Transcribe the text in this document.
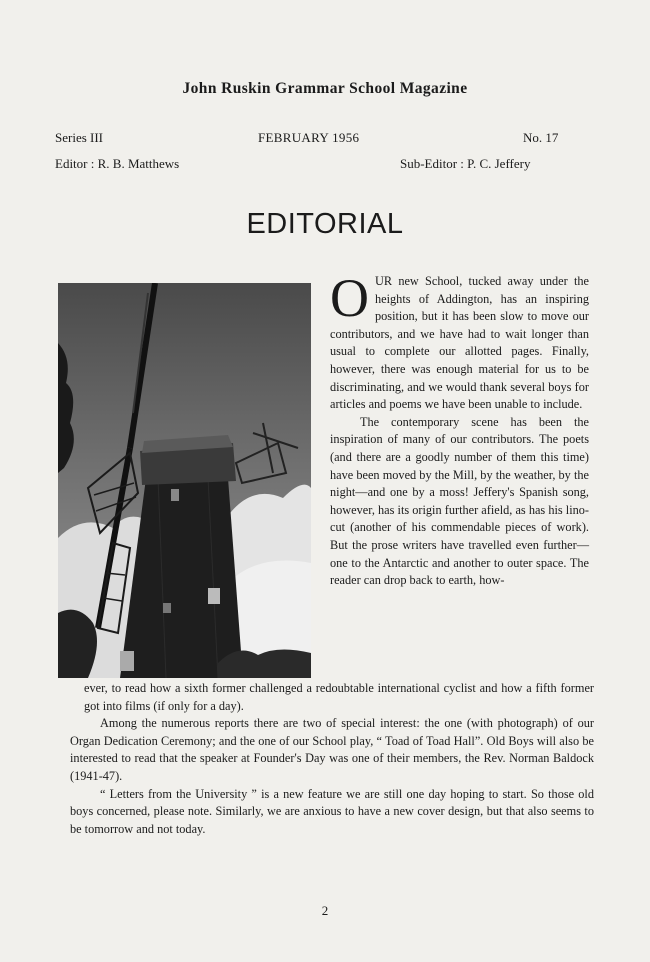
John Ruskin Grammar School Magazine
Series III	FEBRUARY 1956	No. 17
Editor : R. B. Matthews	Sub-Editor : P. C. Jeffery
EDITORIAL

OUR new School, tucked away under the heights of Addington, has an inspiring position, but it has been slow to move our contributors, and we have had to wait longer than usual to complete our allotted pages. Finally, however, there was enough material for us to be discriminating, and we would thank several boys for articles and poems we have been unable to include.

The contemporary scene has been the inspiration of many of our contributors. The poets (and there are a goodly number of them this time) have been moved by the Mill, by the weather, by the night—and one by a moss! Jeffery's Spanish song, however, has its origin further afield, as has his lino-cut (another of his commendable pieces of work). But the prose writers have travelled even further—one to the Antarctic and another to outer space. The reader can drop back to earth, how-

ever, to read how a sixth former challenged a redoubtable international cyclist and how a fifth former got into films (if only for a day).

Among the numerous reports there are two of special interest: the one (with photograph) of our Organ Dedication Ceremony; and the one of our School play, “ Toad of Toad Hall”. Old Boys will also be interested to read that the speaker at Founder's Day was one of their members, the Rev. Norman Baldock (1941-47).

“ Letters from the University ” is a new feature we are still one day hoping to start. So those old boys concerned, please note. Similarly, we are anxious to have a new cover design, but that also seems to be tomorrow and not today.

2
